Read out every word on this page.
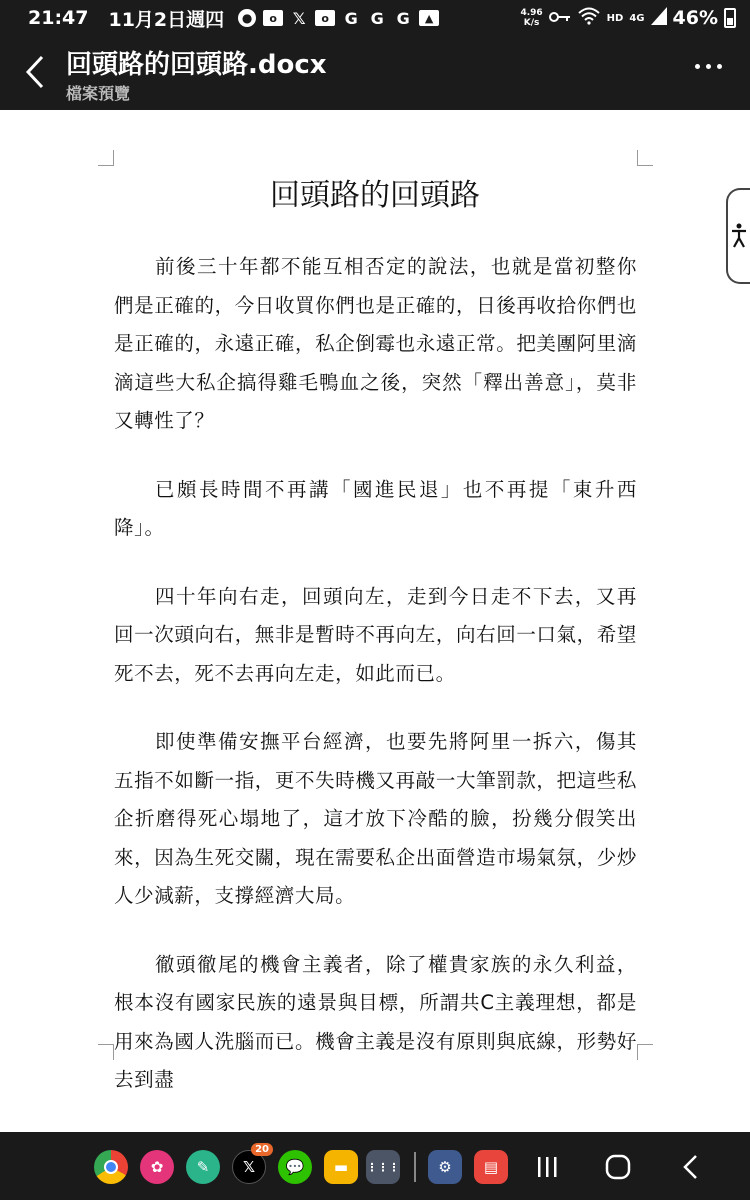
21:47 11月2日週四	●	o 𝕏	o G G G	▲	4.96
K/s	HD 4G 46%
回頭路的回頭路.docx
檔案預覽
回頭路的回頭路

前後三十年都不能互相否定的說法，也就是當初整你們是正確的，今日收買你們也是正確的，日後再收拾你們也是正確的，永遠正確，私企倒霉也永遠正常。把美團阿里滴滴這些大私企搞得雞毛鴨血之後，突然「釋出善意」，莫非又轉性了？

已頗長時間不再講「國進民退」也不再提「東升西降」。

四十年向右走，回頭向左，走到今日走不下去，又再回一次頭向右，無非是暫時不再向左，向右回一口氣，希望死不去，死不去再向左走，如此而已。

即使準備安撫平台經濟，也要先將阿里一拆六，傷其五指不如斷一指，更不失時機又再敲一大筆罰款，把這些私企折磨得死心塌地了，這才放下冷酷的臉，扮幾分假笑出來，因為生死交關，現在需要私企出面營造市場氣氛，少炒人少減薪，支撐經濟大局。

徹頭徹尾的機會主義者，除了權貴家族的永久利益，根本沒有國家民族的遠景與目標，所謂共C主義理想，都是用來為國人洗腦而已。機會主義是沒有原則與底線，形勢好去到盡

✿	✎	𝕏
20
💬	▬	⋮⋮⋮	⚙	▤
